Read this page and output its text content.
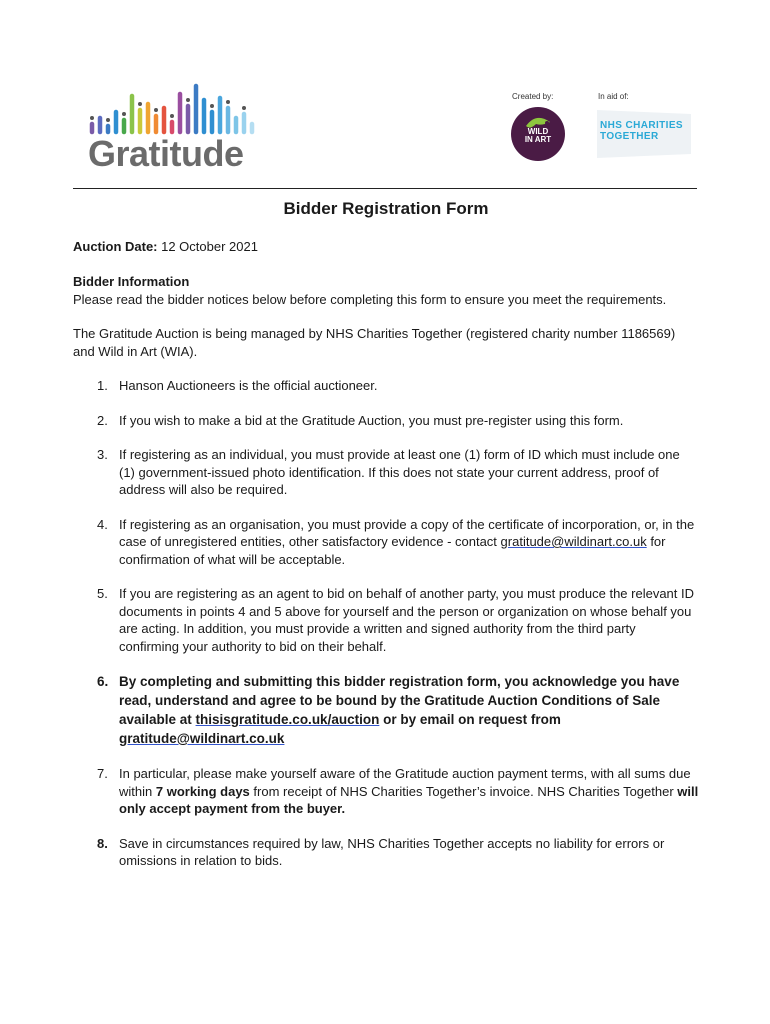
Gratitude
Created by:	In aid of:
WILD
IN ART
NHS CHARITIES
TOGETHER
Bidder Registration Form

Auction Date: 12 October 2021

Bidder Information

Please read the bidder notices below before completing this form to ensure you meet the requirements.

The Gratitude Auction is being managed by NHS Charities Together (registered charity number 1186569) and Wild in Art (WIA).

1. Hanson Auctioneers is the official auctioneer.
2. If you wish to make a bid at the Gratitude Auction, you must pre-register using this form.
3. If registering as an individual, you must provide at least one (1) form of ID which must include one (1) government-issued photo identification. If this does not state your current address, proof of address will also be required.
4. If registering as an organisation, you must provide a copy of the certificate of incorporation, or, in the case of unregistered entities, other satisfactory evidence - contact gratitude@wildinart.co.uk for confirmation of what will be acceptable.
5. If you are registering as an agent to bid on behalf of another party, you must produce the relevant ID documents in points 4 and 5 above for yourself and the person or organization on whose behalf you are acting. In addition, you must provide a written and signed authority from the third party confirming your authority to bid on their behalf.
6. By completing and submitting this bidder registration form, you acknowledge you have read, understand and agree to be bound by the Gratitude Auction Conditions of Sale available at thisisgratitude.co.uk/auction or by email on request from gratitude@wildinart.co.uk
7. In particular, please make yourself aware of the Gratitude auction payment terms, with all sums due within 7 working days from receipt of NHS Charities Together’s invoice. NHS Charities Together will only accept payment from the buyer.
8. Save in circumstances required by law, NHS Charities Together accepts no liability for errors or omissions in relation to bids.
